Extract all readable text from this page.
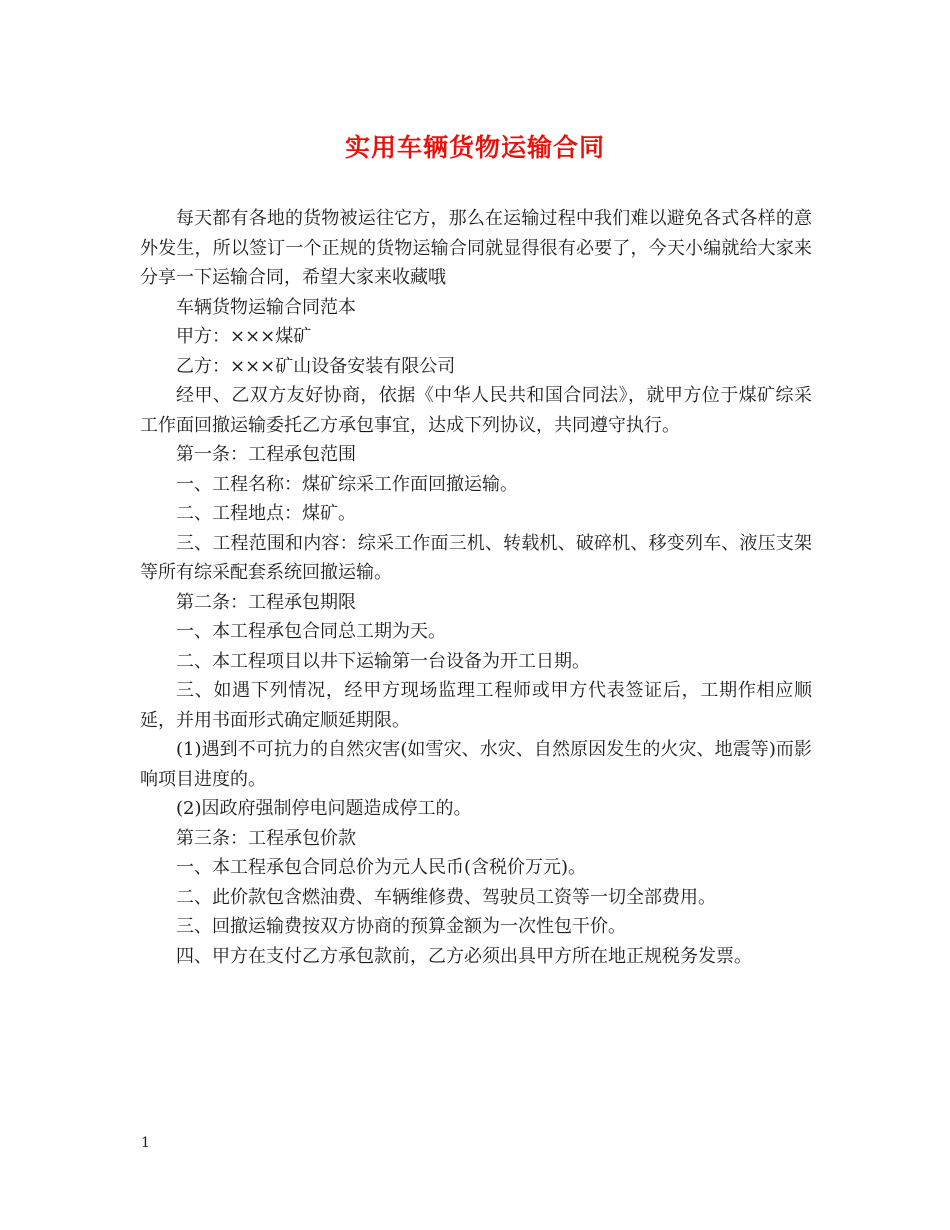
实用车辆货物运输合同

每天都有各地的货物被运往它方，那么在运输过程中我们难以避免各式各样的意外发生，所以签订一个正规的货物运输合同就显得很有必要了，今天小编就给大家来分享一下运输合同，希望大家来收藏哦

车辆货物运输合同范本

甲方：×××煤矿

乙方：×××矿山设备安装有限公司

经甲、乙双方友好协商，依据《中华人民共和国合同法》，就甲方位于煤矿综采工作面回撤运输委托乙方承包事宜，达成下列协议，共同遵守执行。

第一条：工程承包范围

一、工程名称：煤矿综采工作面回撤运输。

二、工程地点：煤矿。

三、工程范围和内容：综采工作面三机、转载机、破碎机、移变列车、液压支架等所有综采配套系统回撤运输。

第二条：工程承包期限

一、本工程承包合同总工期为天。

二、本工程项目以井下运输第一台设备为开工日期。

三、如遇下列情况，经甲方现场监理工程师或甲方代表签证后，工期作相应顺延，并用书面形式确定顺延期限。

(1)遇到不可抗力的自然灾害(如雪灾、水灾、自然原因发生的火灾、地震等)而影响项目进度的。

(2)因政府强制停电问题造成停工的。

第三条：工程承包价款

一、本工程承包合同总价为元人民币(含税价万元)。

二、此价款包含燃油费、车辆维修费、驾驶员工资等一切全部费用。

三、回撤运输费按双方协商的预算金额为一次性包干价。

四、甲方在支付乙方承包款前，乙方必须出具甲方所在地正规税务发票。

1
